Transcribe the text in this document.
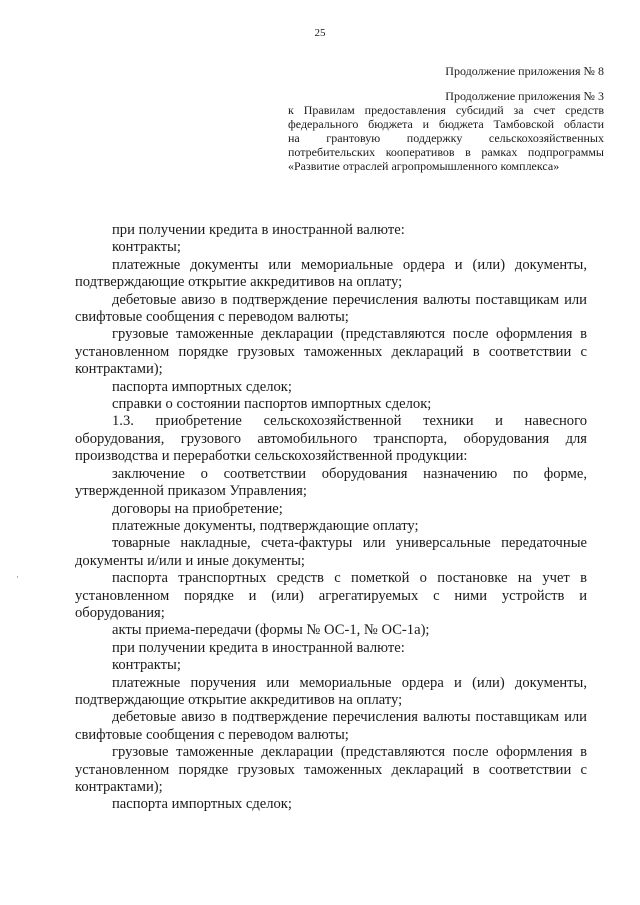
25
Продолжение приложения № 8
Продолжение приложения № 3
к Правилам предоставления субсидий за счет средств
федерального бюджета и бюджета Тамбовской области
на грантовую поддержку сельскохозяйственных
потребительских кооперативов в рамках подпрограммы
«Развитие отраслей агропромышленного комплекса»
·

при получении кредита в иностранной валюте:

контракты;

платежные документы или мемориальные ордера и (или) документы, подтверждающие открытие аккредитивов на оплату;

дебетовые авизо в подтверждение перечисления валюты поставщикам или свифтовые сообщения с переводом валюты;

грузовые таможенные декларации (представляются после оформления в установленном порядке грузовых таможенных деклараций в соответствии с контрактами);

паспорта импортных сделок;

справки о состоянии паспортов импортных сделок;

1.3. приобретение сельскохозяйственной техники и навесного оборудования, грузового автомобильного транспорта, оборудования для производства и переработки сельскохозяйственной продукции:

заключение о соответствии оборудования назначению по форме, утвержденной приказом Управления;

договоры на приобретение;

платежные документы, подтверждающие оплату;

товарные накладные, счета-фактуры или универсальные передаточные документы и/или и иные документы;

паспорта транспортных средств с пометкой о постановке на учет в установленном порядке и (или) агрегатируемых с ними устройств и оборудования;

акты приема-передачи (формы № ОС-1, № ОС-1а);

при получении кредита в иностранной валюте:

контракты;

платежные поручения или мемориальные ордера и (или) документы, подтверждающие открытие аккредитивов на оплату;

дебетовые авизо в подтверждение перечисления валюты поставщикам или свифтовые сообщения с переводом валюты;

грузовые таможенные декларации (представляются после оформления в установленном порядке грузовых таможенных деклараций в соответствии с контрактами);

паспорта импортных сделок;
